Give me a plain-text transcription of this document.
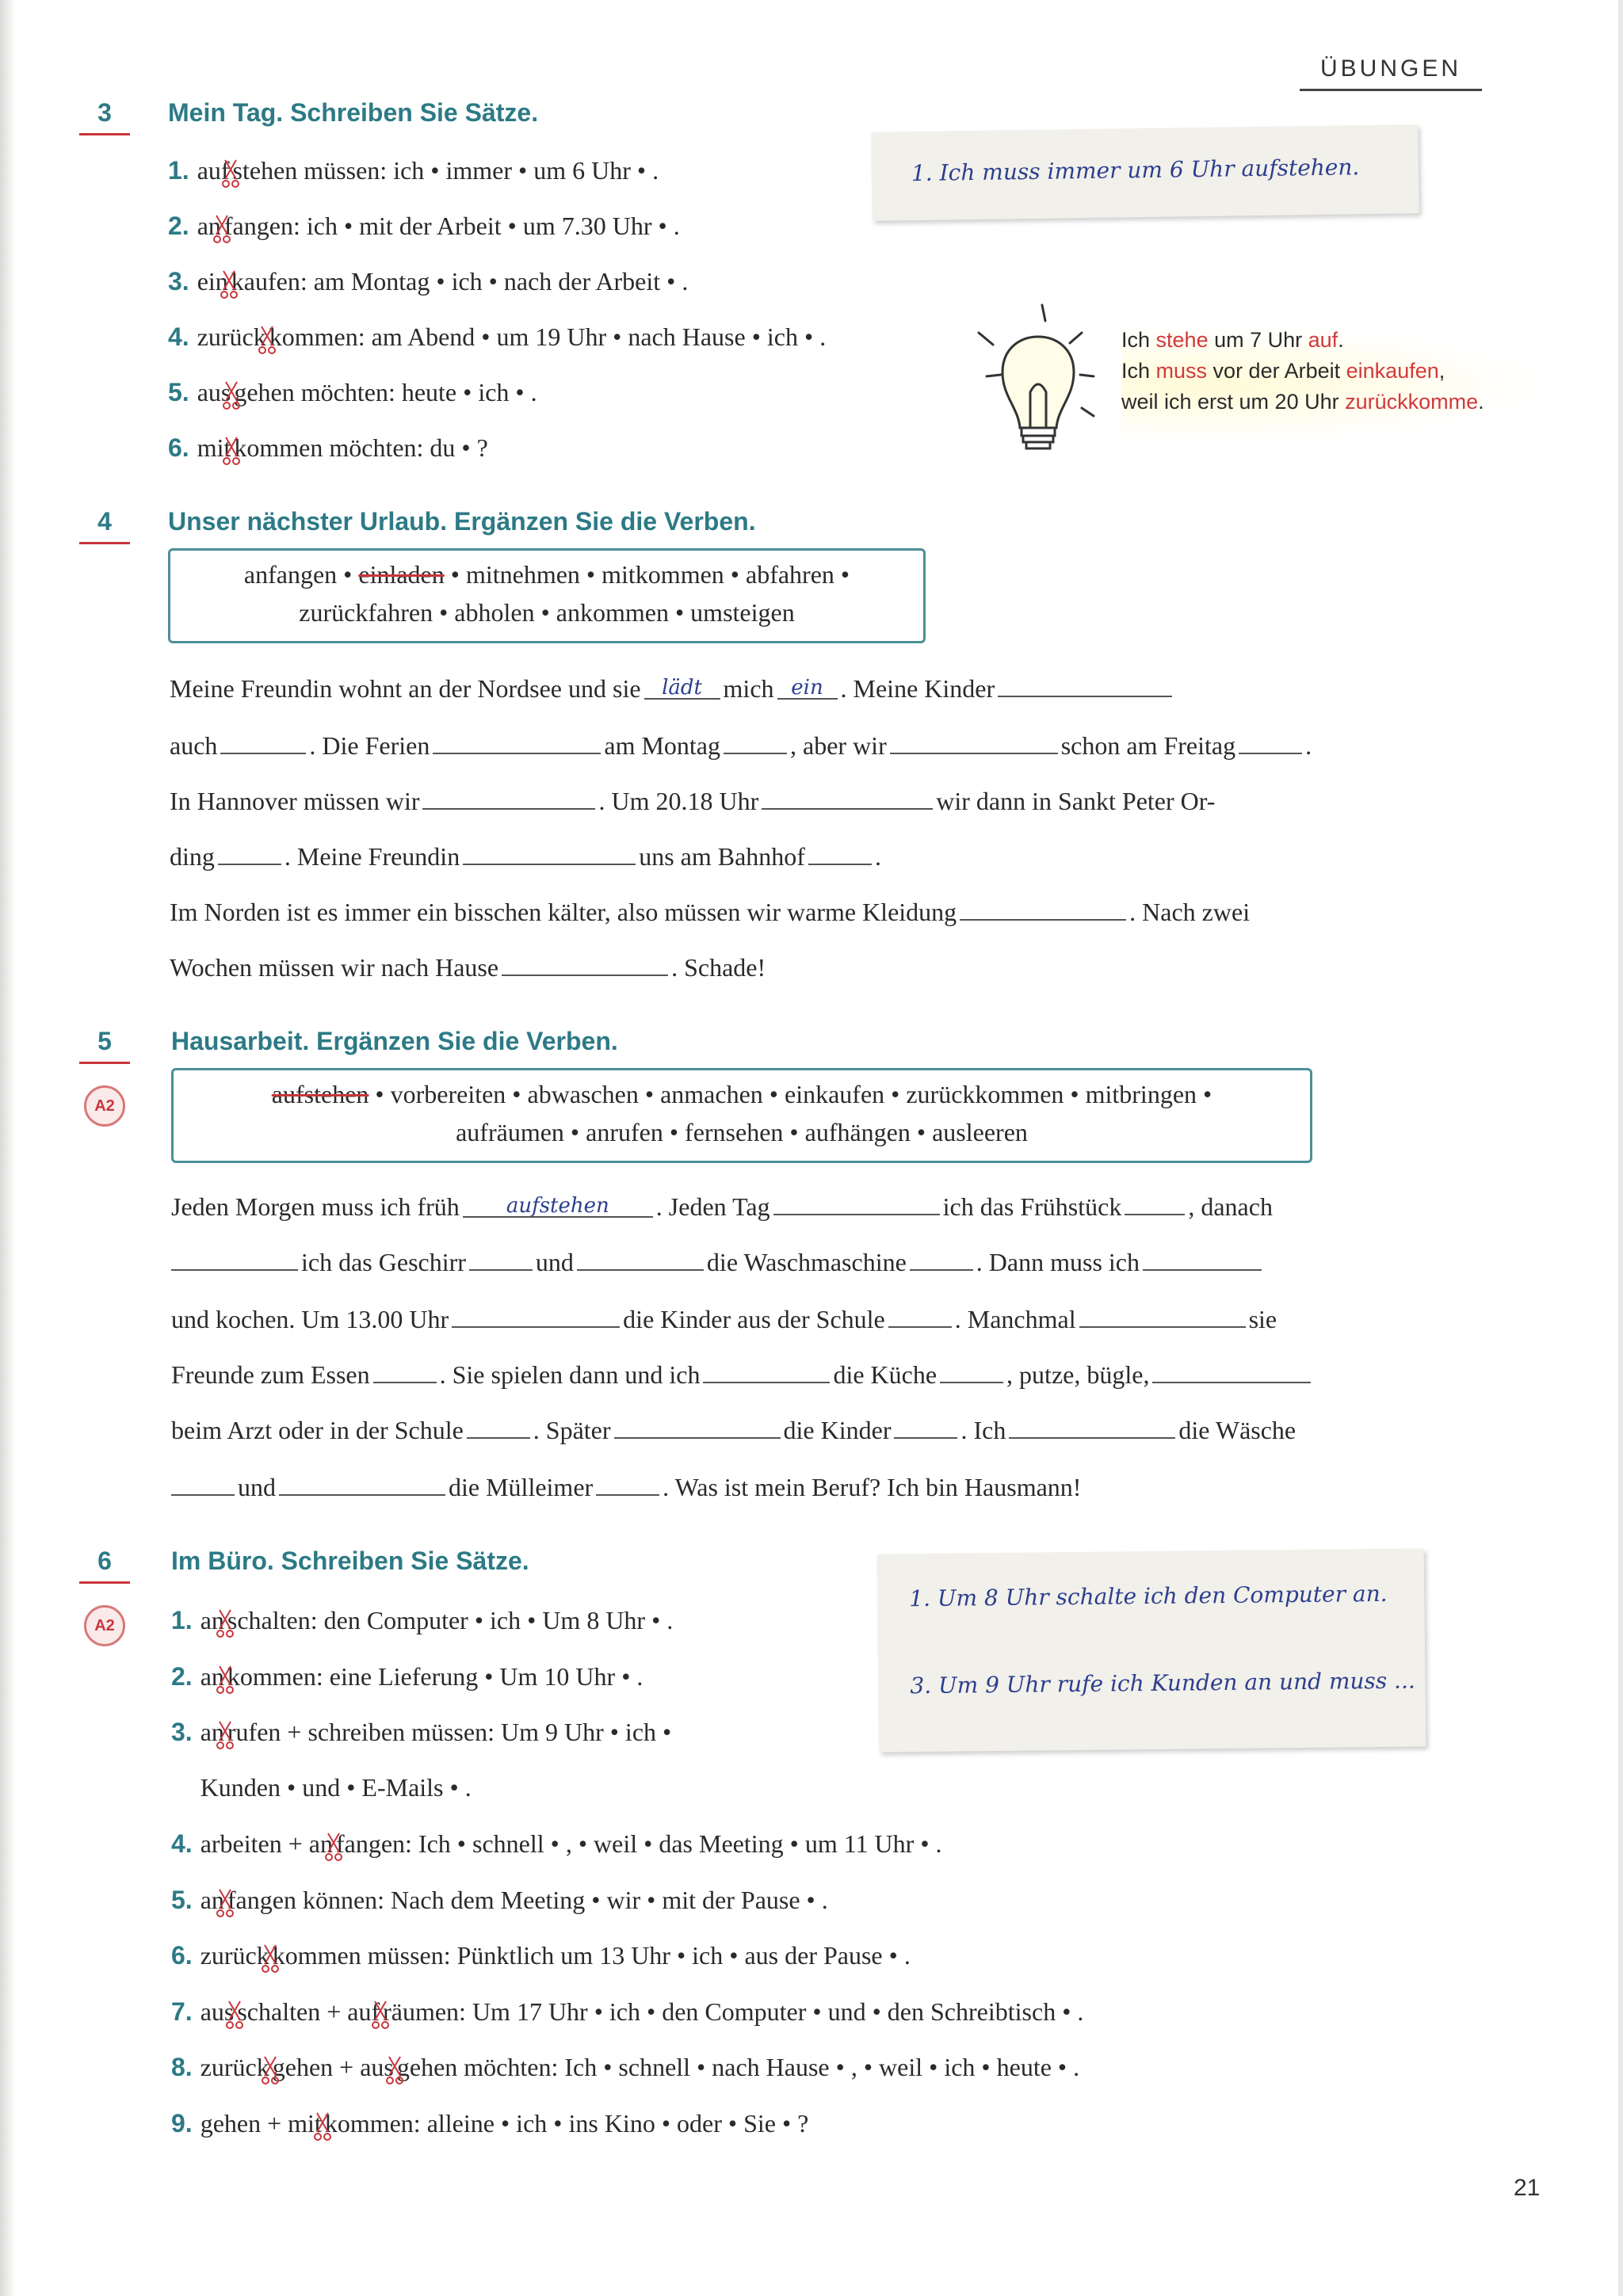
ÜBUNGEN
3	Mein Tag. Schreiben Sie Sätze.
1. auf stehen müssen: ich • immer • um 6 Uhr • .
2. an fangen: ich • mit der Arbeit • um 7.30 Uhr • .
3. ein kaufen: am Montag • ich • nach der Arbeit • .
4. zurück kommen: am Abend • um 19 Uhr • nach Hause • ich • .
5. aus gehen möchten: heute • ich • .
6. mit kommen möchten: du • ?
1. Ich muss immer um 6 Uhr aufstehen.
Ich stehe um 7 Uhr auf.
Ich muss vor der Arbeit einkaufen,
weil ich erst um 20 Uhr zurückkomme.
4	Unser nächster Urlaub. Ergänzen Sie die Verben.
anfangen • einladen • mitnehmen • mitkommen • abfahren •
zurückfahren • abholen • ankommen • umsteigen
Meine Freundin wohnt an der Nordsee und sie lädt mich ein . Meine Kinder
auch	. Die Ferien	am Montag	, aber wir	schon am Freitag	.
In Hannover müssen wir	. Um 20.18 Uhr	wir dann in Sankt Peter Or-
ding	. Meine Freundin	uns am Bahnhof	.
Im Norden ist es immer ein bisschen kälter, also müssen wir warme Kleidung	. Nach zwei
Wochen müssen wir nach Hause	. Schade!
5
A2
Hausarbeit. Ergänzen Sie die Verben.
aufstehen • vorbereiten • abwaschen • anmachen • einkaufen • zurückkommen • mitbringen •
aufräumen • anrufen • fernsehen • aufhängen • ausleeren
Jeden Morgen muss ich früh aufstehen . Jeden Tag	ich das Frühstück	, danach
ich das Geschirr	und	die Waschmaschine	. Dann muss ich
und kochen. Um 13.00 Uhr	die Kinder aus der Schule	. Manchmal	sie
Freunde zum Essen	. Sie spielen dann und ich	die Küche	, putze, bügle,
beim Arzt oder in der Schule	. Später	die Kinder	. Ich	die Wäsche
und	die Mülleimer	. Was ist mein Beruf? Ich bin Hausmann!
6
A2
Im Büro. Schreiben Sie Sätze.
1. an schalten: den Computer • ich • Um 8 Uhr • .
2. an kommen: eine Lieferung • Um 10 Uhr • .
3. an rufen + schreiben müssen: Um 9 Uhr • ich •
Kunden • und • E-Mails • .
4. arbeiten + an fangen: Ich • schnell • , • weil • das Meeting • um 11 Uhr • .
5. an fangen können: Nach dem Meeting • wir • mit der Pause • .
6. zurück kommen müssen: Pünktlich um 13 Uhr • ich • aus der Pause • .
7. aus schalten + auf räumen: Um 17 Uhr • ich • den Computer • und • den Schreibtisch • .
8. zurück gehen + aus gehen möchten: Ich • schnell • nach Hause • , • weil • ich • heute • .
9. gehen + mit kommen: alleine • ich • ins Kino • oder • Sie • ?
1. Um 8 Uhr schalte ich den Computer an.
3. Um 9 Uhr rufe ich Kunden an und muss ...
21
